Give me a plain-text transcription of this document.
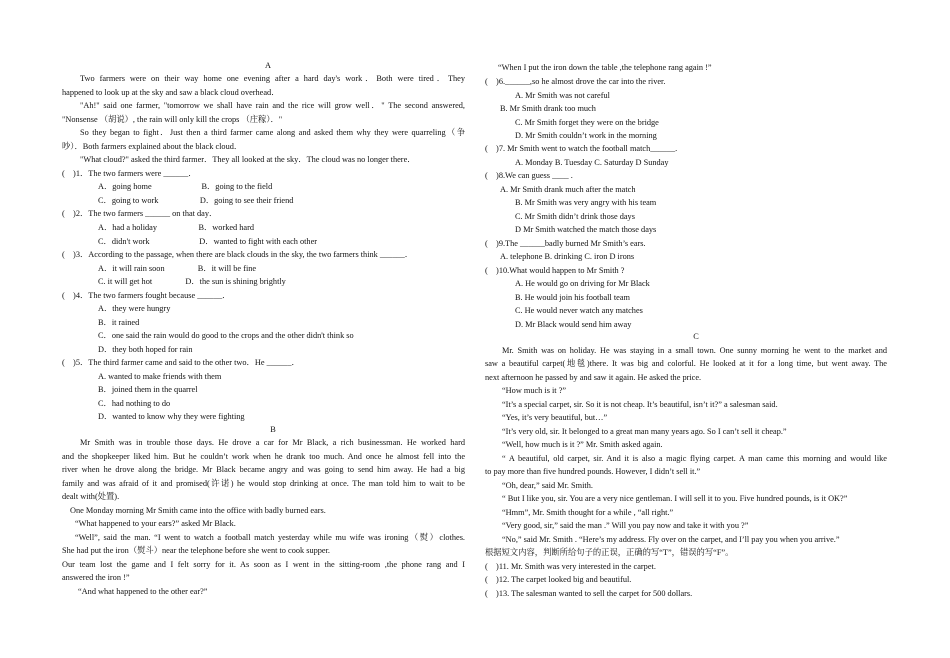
A
Two farmers were on their way home one evening after a hard day's work．Both were tired．They
happened to look up at the sky and saw a black cloud overhead．
"Ah!" said one farmer, "tomorrow we shall have rain and the rice will grow well．" The second answered,
"Nonsense （胡说）, the rain will only kill the crops （庄稼）．"
So they began to fight．Just then a third farmer came along and asked them why they were quarreling（争
吵）．Both farmers explained about the black cloud．
"What cloud?" asked the third farmer．They all looked at the sky．The cloud was no longer there．
(　)1．The two farmers were ______．
A．going home　　　　　　B．going to the field
C．going to work　　　　　D．going to see their friend
(　)2．The two farmers ______ on that day．
A．had a holiday　　　　　B．worked hard
C．didn't work　　　　　　D．wanted to fight with each other
(　)3．According to the passage, when there are black clouds in the sky, the two farmers think ______．
A．it will rain soon　　　　B．it will be fine
C. it will get hot　　　　D．the sun is shining brightly
(　)4．The two farmers fought because ______．
A．they were hungry
B．it rained
C．one said the rain would do good to the crops and the other didn't think so
D．they both hoped for rain
(　)5．The third farmer came and said to the other two．He ______．
A. wanted to make friends with them
B．joined them in the quarrel
C．had nothing to do
D．wanted to know why they were fighting
B
Mr Smith was in trouble those days. He drove a car for Mr Black, a rich businessman. He worked hard
and the shopkeeper liked him. But he couldn’t work when he drank too much. And once he almost fell into the
river when he drove along the bridge. Mr Black became angry and was going to send him away. He had a big
family and was afraid of it and promised(许诺) he would stop drinking at once. The man told him to wait to be
dealt with(处置).
One Monday morning Mr Smith came into the office with badly burned ears.
“What happened to your ears?” asked Mr Black.
“Well”, said the man. “I went to watch a football match yesterday while mu wife was ironing（熨）clothes.
She had put the iron（熨斗）near the telephone before she went to cook supper.
Our team lost the game and I felt sorry for it. As soon as I went in the sitting-room ,the phone rang and I
answered the iron !”
“And what happened to the other ear?”
“When I put the iron down the table ,the telephone rang again !”
(　)6.______,so he almost drove the car into the river.
A. Mr Smith was not careful
B. Mr Smith drank too much
C. Mr Smith forget they were on the bridge
D. Mr Smith couldn’t work in the morning
(　)7. Mr Smith went to watch the football match______.
A. Monday B. Tuesday C. Saturday D Sunday
(　)8.We can guess ____ .
A. Mr Smith drank much after the match
B. Mr Smith was very angry with his team
C. Mr Smith didn’t drink those days
D Mr Smith watched the match those days
(　)9.The ______badly burned Mr Smith’s ears.
A. telephone B. drinking C. iron D irons
(　)10.What would happen to Mr Smith ?
A. He would go on driving for Mr Black
B. He would join his football team
C. He would never watch any matches
D. Mr Black would send him away
C
Mr. Smith was on holiday. He was staying in a small town. One sunny morning he went to the market and
saw a beautiful carpet(地毯)there. It was big and colorful. He looked at it for a long time, but went away. The
next afternoon he passed by and saw it again. He asked the price.
“How much is it ?”
“It’s a special carpet, sir. So it is not cheap. It’s beautiful, isn’t it?” a salesman said.
“Yes, it’s very beautiful, but…”
“It’s very old, sir. It belonged to a great man many years ago. So I can’t sell it cheap.”
“Well, how much is it ?” Mr. Smith asked again.
“ A beautiful, old carpet, sir. And it is also a magic flying carpet. A man came this morning and would like
to pay more than five hundred pounds. However, I didn’t sell it.”
“Oh, dear,” said Mr. Smith.
“ But I like you, sir. You are a very nice gentleman. I will sell it to you. Five hundred pounds, is it OK?”
“Hmm”, Mr. Smith thought for a while , “all right.”
“Very good, sir,” said the man .” Will you pay now and take it with you ?”
“No,” said Mr. Smith . “Here’s my address. Fly over on the carpet, and I’ll pay you when you arrive.”
根据短文内容，判断所给句子的正误，正确的写“T”，错误的写“F”。
(　)11. Mr. Smith was very interested in the carpet.
(　)12. The carpet looked big and beautiful.
(　)13. The salesman wanted to sell the carpet for 500 dollars.
